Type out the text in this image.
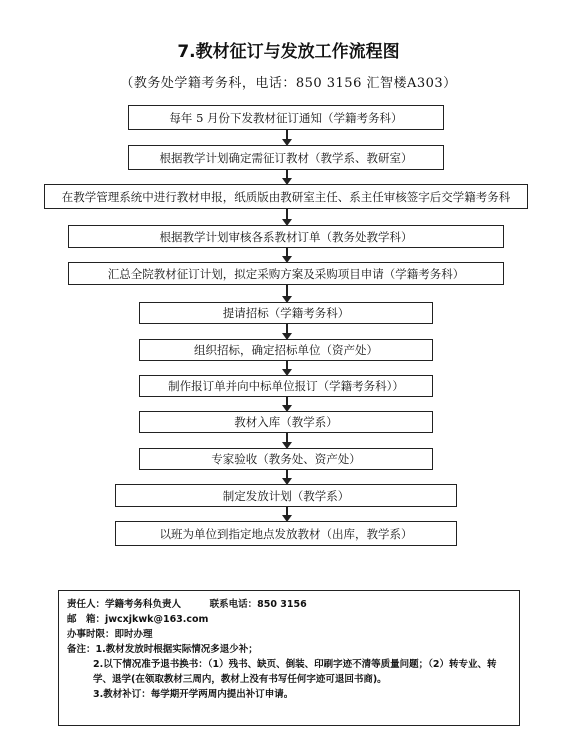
7.教材征订与发放工作流程图
（教务处学籍考务科，电话：850 3156 汇智楼A303）
每年 5 月份下发教材征订通知（学籍考务科）
根据教学计划确定需征订教材（教学系、教研室）
在教学管理系统中进行教材申报，纸质版由教研室主任、系主任审核签字后交学籍考务科
根据教学计划审核各系教材订单（教务处教学科）
汇总全院教材征订计划，拟定采购方案及采购项目申请（学籍考务科）
提请招标（学籍考务科）
组织招标，确定招标单位（资产处）
制作报订单并向中标单位报订（学籍考务科））
教材入库（教学系）
专家验收（教务处、资产处）
制定发放计划（教学系）
以班为单位到指定地点发放教材（出库，教学系）
责任人：学籍考务科负责人	联系电话：850 3156
邮　箱：jwcxjkwk@163.com
办事时限：即时办理
备注：1.教材发放时根据实际情况多退少补；
2.以下情况准予退书换书：（1）残书、缺页、倒装、印刷字迹不清等质量问题；（2）转专业、转学、退学(在领取教材三周内，教材上没有书写任何字迹可退回书商)。
3.教材补订：每学期开学两周内提出补订申请。
